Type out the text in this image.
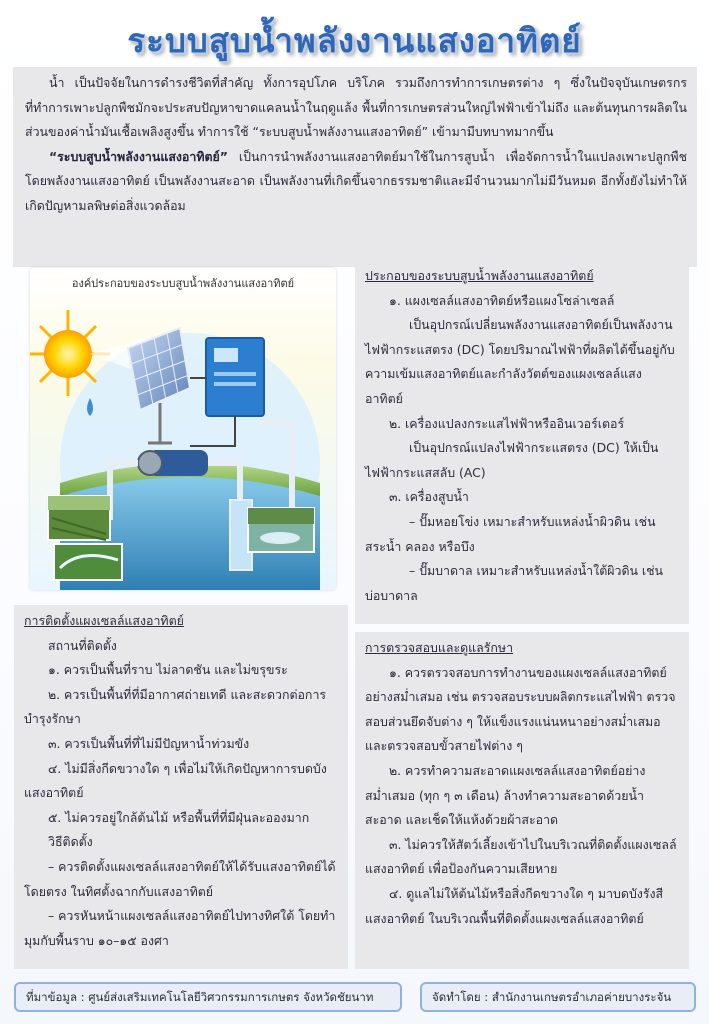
ระบบสูบน้ำพลังงานแสงอาทิตย์

น้ำ เป็นปัจจัยในการดำรงชีวิตที่สำคัญ ทั้งการอุปโภค บริโภค รวมถึงการทำการเกษตรต่าง ๆ ซึ่งในปัจจุบันเกษตรกรที่ทำการเพาะปลูกพืชมักจะประสบปัญหาขาดแคลนน้ำในฤดูแล้ง พื้นที่การเกษตรส่วนใหญ่ไฟฟ้าเข้าไม่ถึง และต้นทุนการผลิตในส่วนของค่าน้ำมันเชื้อเพลิงสูงขึ้น ทำการใช้ “ระบบสูบน้ำพลังงานแสงอาทิตย์” เข้ามามีบทบาทมากขึ้น

“ระบบสูบน้ำพลังงานแสงอาทิตย์” เป็นการนำพลังงานแสงอาทิตย์มาใช้ในการสูบน้ำ เพื่อจัดการน้ำในแปลงเพาะปลูกพืช โดยพลังงานแสงอาทิตย์ เป็นพลังงานสะอาด เป็นพลังงานที่เกิดขึ้นจากธรรมชาติและมีจำนวนมากไม่มีวันหมด อีกทั้งยังไม่ทำให้เกิดปัญหามลพิษต่อสิ่งแวดล้อม

องค์ประกอบของระบบสูบน้ำพลังงานแสงอาทิตย์

ประกอบของระบบสูบน้ำพลังงานแสงอาทิตย์

๑. แผงเซลล์แสงอาทิตย์หรือแผงโซล่าเซลล์

เป็นอุปกรณ์เปลี่ยนพลังงานแสงอาทิตย์เป็นพลังงานไฟฟ้ากระแสตรง (DC) โดยปริมาณไฟฟ้าที่ผลิตได้ขึ้นอยู่กับความเข้มแสงอาทิตย์และกำลังวัตต์ของแผงเซลล์แสงอาทิตย์

๒. เครื่องแปลงกระแสไฟฟ้าหรืออินเวอร์เตอร์

เป็นอุปกรณ์แปลงไฟฟ้ากระแสตรง (DC) ให้เป็นไฟฟ้ากระแสสลับ (AC)

๓. เครื่องสูบน้ำ

– ปั๊มหอยโข่ง เหมาะสำหรับแหล่งน้ำผิวดิน เช่น สระน้ำ คลอง หรือบึง

– ปั๊มบาดาล เหมาะสำหรับแหล่งน้ำใต้ผิวดิน เช่น บ่อบาดาล

การติดตั้งแผงเซลล์แสงอาทิตย์

สถานที่ติดตั้ง

๑. ควรเป็นพื้นที่ราบ ไม่ลาดชัน และไม่ขรุขระ

๒. ควรเป็นพื้นที่ที่มีอากาศถ่ายเทดี และสะดวกต่อการบำรุงรักษา

๓. ควรเป็นพื้นที่ที่ไม่มีปัญหาน้ำท่วมขัง

๔. ไม่มีสิ่งกีดขวางใด ๆ เพื่อไม่ให้เกิดปัญหาการบดบังแสงอาทิตย์

๕. ไม่ควรอยู่ใกล้ต้นไม้ หรือพื้นที่ที่มีฝุ่นละอองมาก

วิธีติดตั้ง

– ควรติดตั้งแผงเซลล์แสงอาทิตย์ให้ได้รับแสงอาทิตย์ได้โดยตรง ในทิศตั้งฉากกับแสงอาทิตย์

– ควรหันหน้าแผงเซลล์แสงอาทิตย์ไปทางทิศใต้ โดยทำมุมกับพื้นราบ ๑๐–๑๕ องศา

การตรวจสอบและดูแลรักษา

๑. ควรตรวจสอบการทำงานของแผงเซลล์แสงอาทิตย์อย่างสม่ำเสมอ เช่น ตรวจสอบระบบผลิตกระแสไฟฟ้า ตรวจสอบส่วนยึดจับต่าง ๆ ให้แข็งแรงแน่นหนาอย่างสม่ำเสมอ และตรวจสอบขั้วสายไฟต่าง ๆ

๒. ควรทำความสะอาดแผงเซลล์แสงอาทิตย์อย่างสม่ำเสมอ (ทุก ๆ ๓ เดือน) ล้างทำความสะอาดด้วยน้ำสะอาด และเช็ดให้แห้งด้วยผ้าสะอาด

๓. ไม่ควรให้สัตว์เลี้ยงเข้าไปในบริเวณที่ติดตั้งแผงเซลล์แสงอาทิตย์ เพื่อป้องกันความเสียหาย

๔. ดูแลไม่ให้ต้นไม้หรือสิ่งกีดขวางใด ๆ มาบดบังรังสีแสงอาทิตย์ ในบริเวณพื้นที่ติดตั้งแผงเซลล์แสงอาทิตย์

ที่มาข้อมูล : ศูนย์ส่งเสริมเทคโนโลยีวิศวกรรมการเกษตร จังหวัดชัยนาท	จัดทำโดย : สำนักงานเกษตรอำเภอค่ายบางระจัน
